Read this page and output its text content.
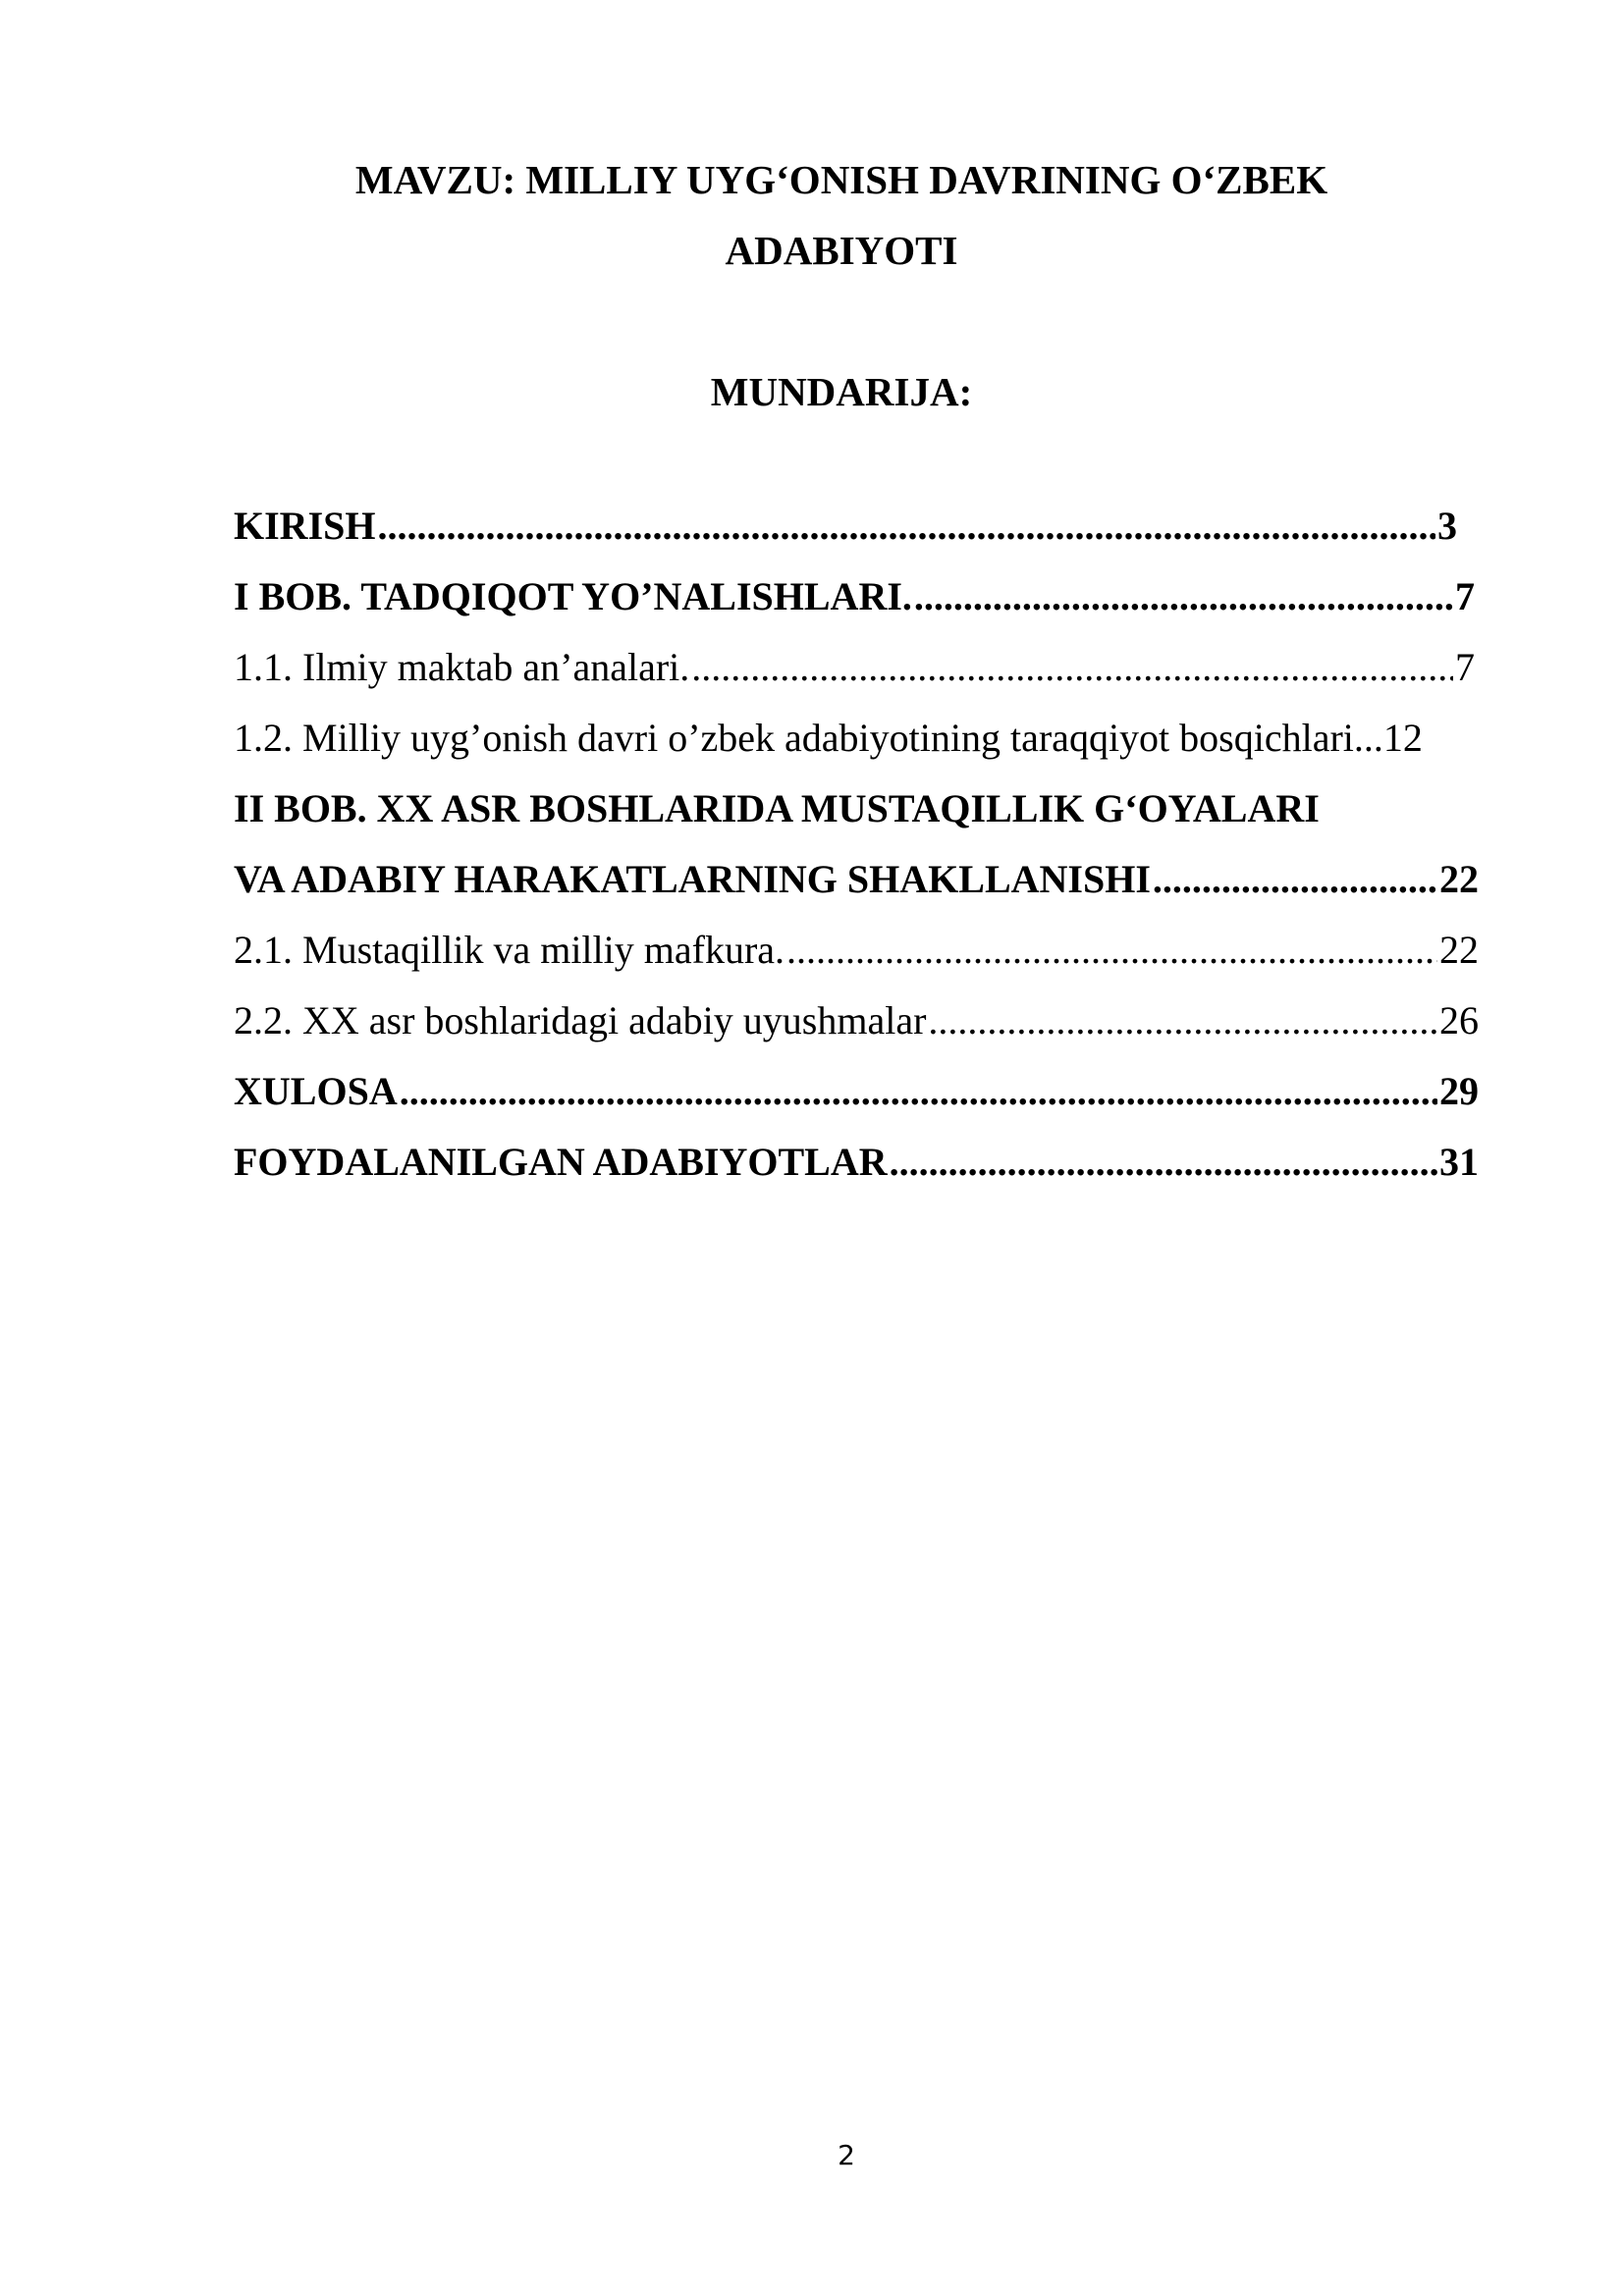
MAVZU: MILLIY UYG‘ONISH DAVRINING O‘ZBEK
ADABIYOTI
MUNDARIJA:
KIRISH .....	3
I BOB. TADQIQOT YO’NALISHLARI. .....	7
1.1. Ilmiy maktab an’analari. .....	7
1.2. Milliy uyg’onish davri o’zbek adabiyotining taraqqiyot bosqichlari ...12
II BOB. XX ASR BOSHLARIDA MUSTAQILLIK G‘OYALARI
VA ADABIY HARAKATLARNING SHAKLLANISHI .....	22
2.1. Mustaqillik va milliy mafkura. .....	22
2.2. XX asr boshlaridagi adabiy uyushmalar .....	26
XULOSA .....	29
FOYDALANILGAN ADABIYOTLAR .....	31
2
